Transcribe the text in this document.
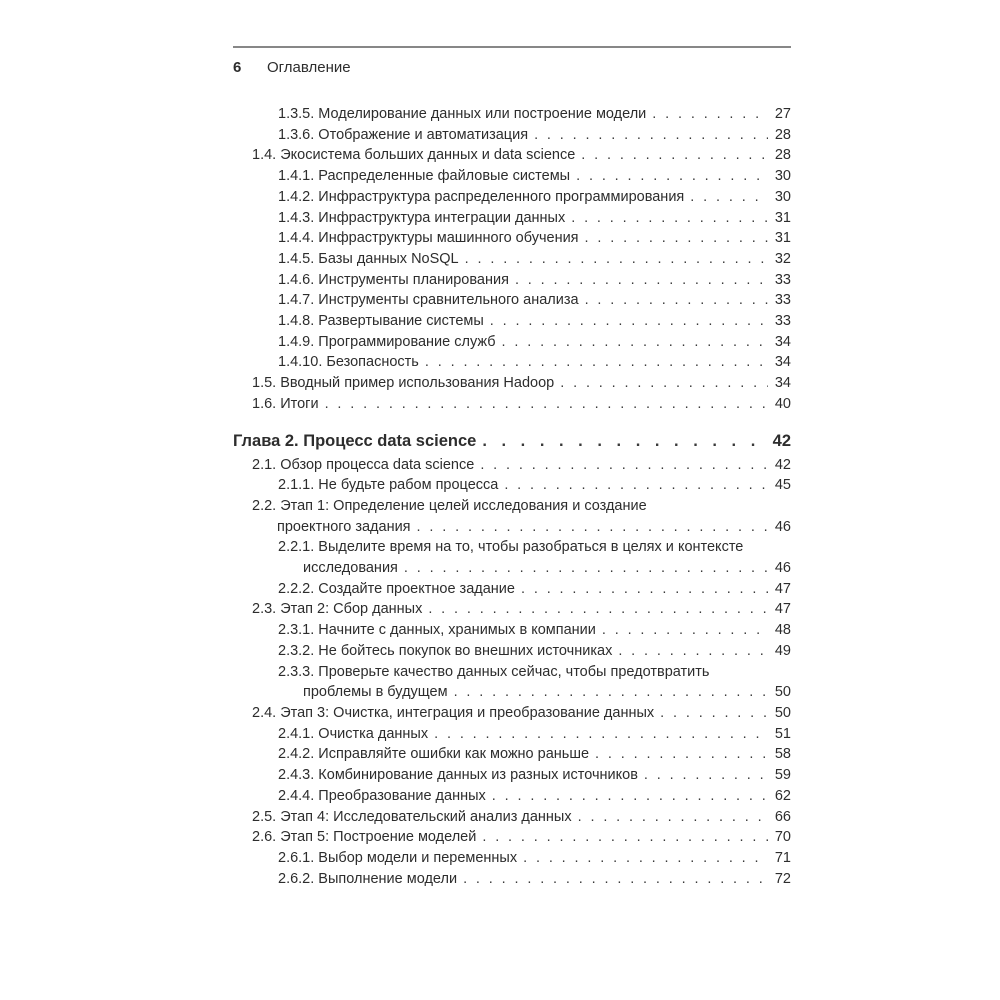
6 Оглавление
1.3.5. Моделирование данных или построение модели . . .	27
1.3.6. Отображение и автоматизация . . .	28
1.4. Экосистема больших данных и data science . . .	28
1.4.1. Распределенные файловые системы . . .	30
1.4.2. Инфраструктура распределенного программирования . . .	30
1.4.3. Инфраструктура интеграции данных . . .	31
1.4.4. Инфраструктуры машинного обучения . . .	31
1.4.5. Базы данных NoSQL . . .	32
1.4.6. Инструменты планирования . . .	33
1.4.7. Инструменты сравнительного анализа . . .	33
1.4.8. Развертывание системы . . .	33
1.4.9. Программирование служб . . .	34
1.4.10. Безопасность . . .	34
1.5. Вводный пример использования Hadoop . . .	34
1.6. Итоги . . .	40
Глава 2. Процесс data science . . .	42
2.1. Обзор процесса data science . . .	42
2.1.1. Не будьте рабом процесса . . .	45
2.2. Этап 1: Определение целей исследования и создание
проектного задания . . .	46
2.2.1. Выделите время на то, чтобы разобраться в целях и контексте
исследования . . .	46
2.2.2. Создайте проектное задание . . .	47
2.3. Этап 2: Сбор данных . . .	47
2.3.1. Начните с данных, хранимых в компании . . .	48
2.3.2. Не бойтесь покупок во внешних источниках . . .	49
2.3.3. Проверьте качество данных сейчас, чтобы предотвратить
проблемы в будущем . . .	50
2.4. Этап 3: Очистка, интеграция и преобразование данных . . .	50
2.4.1. Очистка данных . . .	51
2.4.2. Исправляйте ошибки как можно раньше . . .	58
2.4.3. Комбинирование данных из разных источников . . .	59
2.4.4. Преобразование данных . . .	62
2.5. Этап 4: Исследовательский анализ данных . . .	66
2.6. Этап 5: Построение моделей . . .	70
2.6.1. Выбор модели и переменных . . .	71
2.6.2. Выполнение модели . . .	72
